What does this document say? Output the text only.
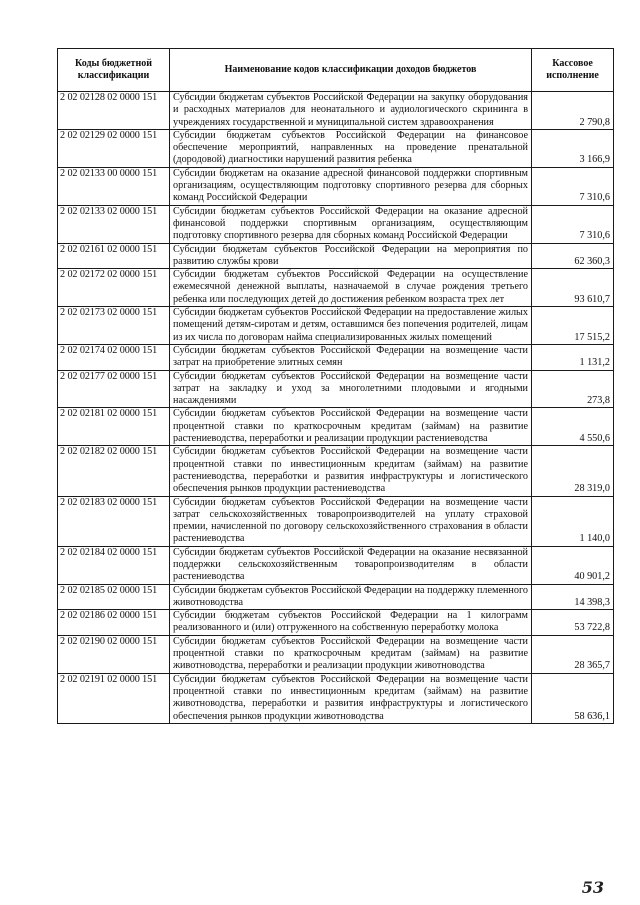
Коды бюджетной классификации	Наименование кодов классификации доходов бюджетов	Кассовое исполнение
2 02 02128 02 0000 151	Субсидии бюджетам субъектов Российской Федерации на закупку оборудования и расходных материалов для неонатального и аудиологического скрининга в учреждениях государственной и муниципальной систем здравоохранения	2 790,8
2 02 02129 02 0000 151	Субсидии бюджетам субъектов Российской Федерации на финансовое обеспечение мероприятий, направленных на проведение пренатальной (дородовой) диагностики нарушений развития ребенка	3 166,9
2 02 02133 00 0000 151	Субсидии бюджетам на оказание адресной финансовой поддержки спортивным организациям, осуществляющим подготовку спортивного резерва для сборных команд Российской Федерации	7 310,6
2 02 02133 02 0000 151	Субсидии бюджетам субъектов Российской Федерации на оказание адресной финансовой поддержки спортивным организациям, осуществляющим подготовку спортивного резерва для сборных команд Российской Федерации	7 310,6
2 02 02161 02 0000 151	Субсидии бюджетам субъектов Российской Федерации на мероприятия по развитию службы крови	62 360,3
2 02 02172 02 0000 151	Субсидии бюджетам субъектов Российской Федерации на осуществление ежемесячной денежной выплаты, назначаемой в случае рождения третьего ребенка или последующих детей до достижения ребенком возраста трех лет	93 610,7
2 02 02173 02 0000 151	Субсидии бюджетам субъектов Российской Федерации на предоставление жилых помещений детям-сиротам и детям, оставшимся без попечения родителей, лицам из их числа по договорам найма специализированных жилых помещений	17 515,2
2 02 02174 02 0000 151	Субсидии бюджетам субъектов Российской Федерации на возмещение части затрат на приобретение элитных семян	1 131,2
2 02 02177 02 0000 151	Субсидии бюджетам субъектов Российской Федерации на возмещение части затрат на закладку и уход за многолетними плодовыми и ягодными насаждениями	273,8
2 02 02181 02 0000 151	Субсидии бюджетам субъектов Российской Федерации на возмещение части процентной ставки по краткосрочным кредитам (займам) на развитие растениеводства, переработки и реализации продукции растениеводства	4 550,6
2 02 02182 02 0000 151	Субсидии бюджетам субъектов Российской Федерации на возмещение части процентной ставки по инвестиционным кредитам (займам) на развитие растениеводства, переработки и развития инфраструктуры и логистического обеспечения рынков продукции растениеводства	28 319,0
2 02 02183 02 0000 151	Субсидии бюджетам субъектов Российской Федерации на возмещение части затрат сельскохозяйственных товаропроизводителей на уплату страховой премии, начисленной по договору сельскохозяйственного страхования в области растениеводства	1 140,0
2 02 02184 02 0000 151	Субсидии бюджетам субъектов Российской Федерации на оказание несвязанной поддержки сельскохозяйственным товаропроизводителям в области растениеводства	40 901,2
2 02 02185 02 0000 151	Субсидии бюджетам субъектов Российской Федерации на поддержку племенного животноводства	14 398,3
2 02 02186 02 0000 151	Субсидии бюджетам субъектов Российской Федерации на 1 килограмм реализованного и (или) отгруженного на собственную переработку молока	53 722,8
2 02 02190 02 0000 151	Субсидии бюджетам субъектов Российской Федерации на возмещение части процентной ставки по краткосрочным кредитам (займам) на развитие животноводства, переработки и реализации продукции животноводства	28 365,7
2 02 02191 02 0000 151	Субсидии бюджетам субъектов Российской Федерации на возмещение части процентной ставки по инвестиционным кредитам (займам) на развитие животноводства, переработки и развития инфраструктуры и логистического обеспечения рынков продукции животноводства	58 636,1
53
